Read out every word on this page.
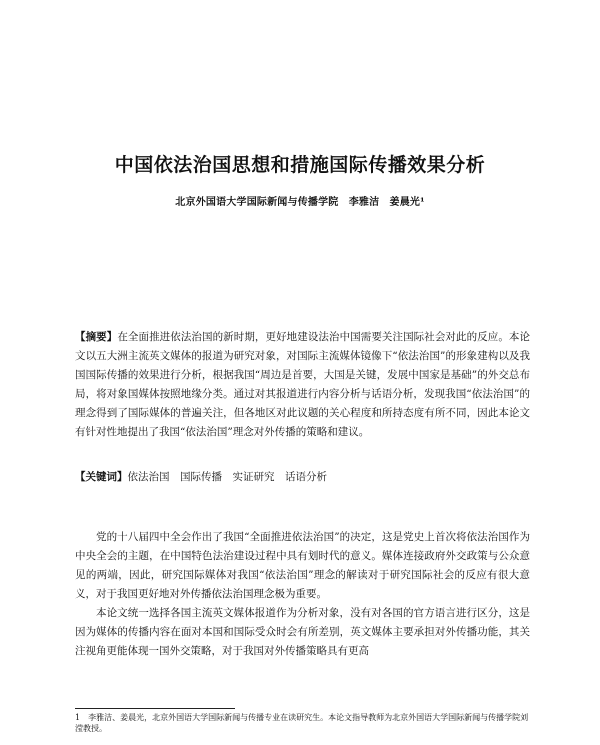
中国依法治国思想和措施国际传播效果分析
北京外国语大学国际新闻与传播学院　李雅洁　姜晨光¹
【摘要】在全面推进依法治国的新时期，更好地建设法治中国需要关注国际社会对此的反应。本论文以五大洲主流英文媒体的报道为研究对象，对国际主流媒体镜像下“依法治国”的形象建构以及我国国际传播的效果进行分析，根据我国“周边是首要，大国是关键，发展中国家是基础”的外交总布局，将对象国媒体按照地缘分类。通过对其报道进行内容分析与话语分析，发现我国“依法治国”的理念得到了国际媒体的普遍关注，但各地区对此议题的关心程度和所持态度有所不同，因此本论文有针对性地提出了我国“依法治国”理念对外传播的策略和建议。
【关键词】依法治国　国际传播　实证研究　话语分析

党的十八届四中全会作出了我国“全面推进依法治国”的决定，这是党史上首次将依法治国作为中央全会的主题，在中国特色法治建设过程中具有划时代的意义。媒体连接政府外交政策与公众意见的两端，因此，研究国际媒体对我国“依法治国”理念的解读对于研究国际社会的反应有很大意义，对于我国更好地对外传播依法治国理念极为重要。

本论文统一选择各国主流英文媒体报道作为分析对象，没有对各国的官方语言进行区分，这是因为媒体的传播内容在面对本国和国际受众时会有所差别，英文媒体主要承担对外传播功能，其关注视角更能体现一国外交策略，对于我国对外传播策略具有更高

1　李雅洁、姜晨光，北京外国语大学国际新闻与传播专业在读研究生。本论文指导教师为北京外国语大学国际新闻与传播学院刘滢教授。
